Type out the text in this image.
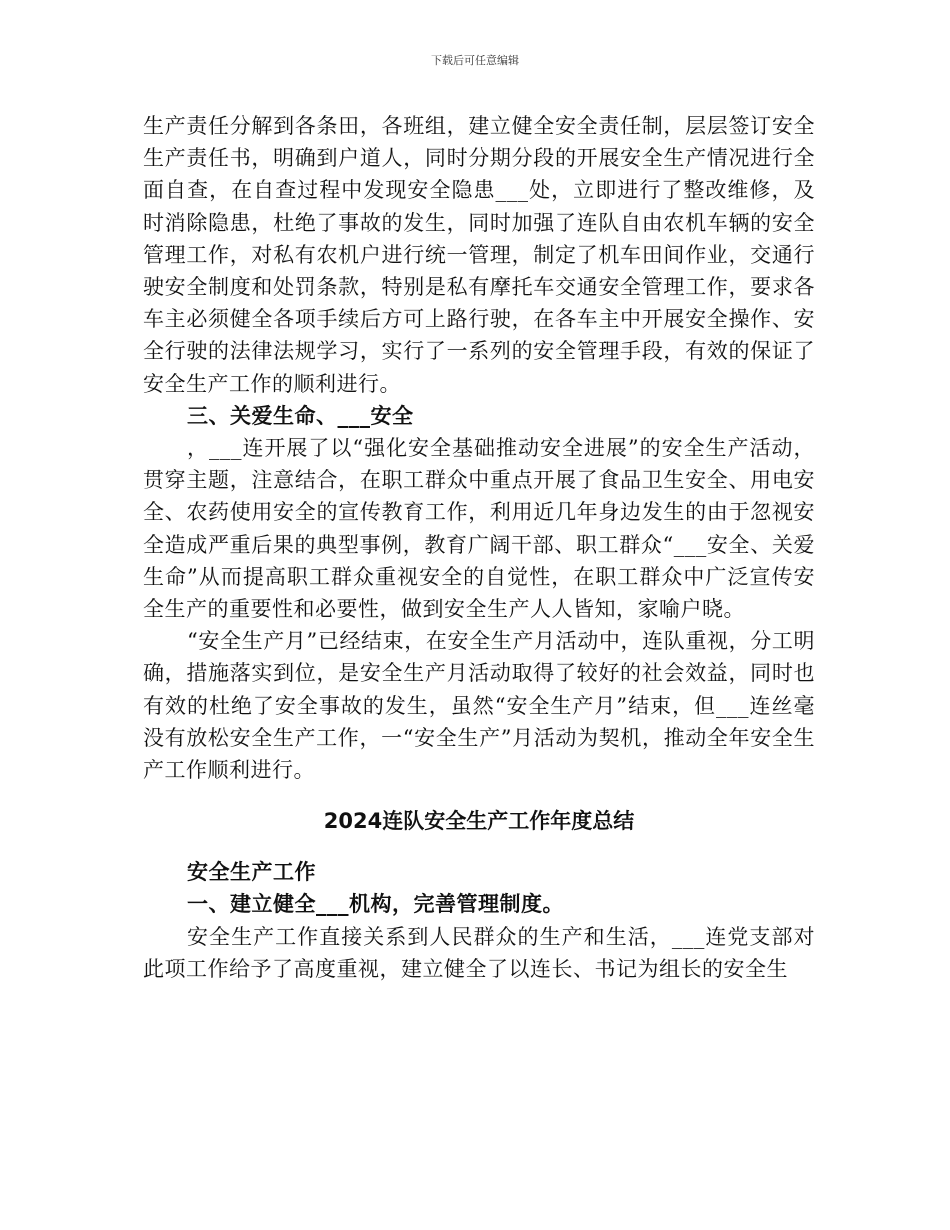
下载后可任意编辑

生产责任分解到各条田，各班组，建立健全安全责任制，层层签订安全生产责任书，明确到户道人，同时分期分段的开展安全生产情况进行全面自查，在自查过程中发现安全隐患___处，立即进行了整改维修，及时消除隐患，杜绝了事故的发生，同时加强了连队自由农机车辆的安全管理工作，对私有农机户进行统一管理，制定了机车田间作业，交通行驶安全制度和处罚条款，特别是私有摩托车交通安全管理工作，要求各车主必须健全各项手续后方可上路行驶，在各车主中开展安全操作、安全行驶的法律法规学习，实行了一系列的安全管理手段，有效的保证了安全生产工作的顺利进行。

三、关爱生命、___安全

，___连开展了以“强化安全基础推动安全进展”的安全生产活动，贯穿主题，注意结合，在职工群众中重点开展了食品卫生安全、用电安全、农药使用安全的宣传教育工作，利用近几年身边发生的由于忽视安全造成严重后果的典型事例，教育广阔干部、职工群众“___安全、关爱生命”从而提高职工群众重视安全的自觉性，在职工群众中广泛宣传安全生产的重要性和必要性，做到安全生产人人皆知，家喻户晓。

“安全生产月”已经结束，在安全生产月活动中，连队重视，分工明确，措施落实到位，是安全生产月活动取得了较好的社会效益，同时也有效的杜绝了安全事故的发生，虽然“安全生产月”结束，但___连丝毫没有放松安全生产工作，一“安全生产”月活动为契机，推动全年安全生产工作顺利进行。

2024连队安全生产工作年度总结

安全生产工作

一、建立健全___机构，完善管理制度。

安全生产工作直接关系到人民群众的生产和生活，___连党支部对此项工作给予了高度重视，建立健全了以连长、书记为组长的安全生
